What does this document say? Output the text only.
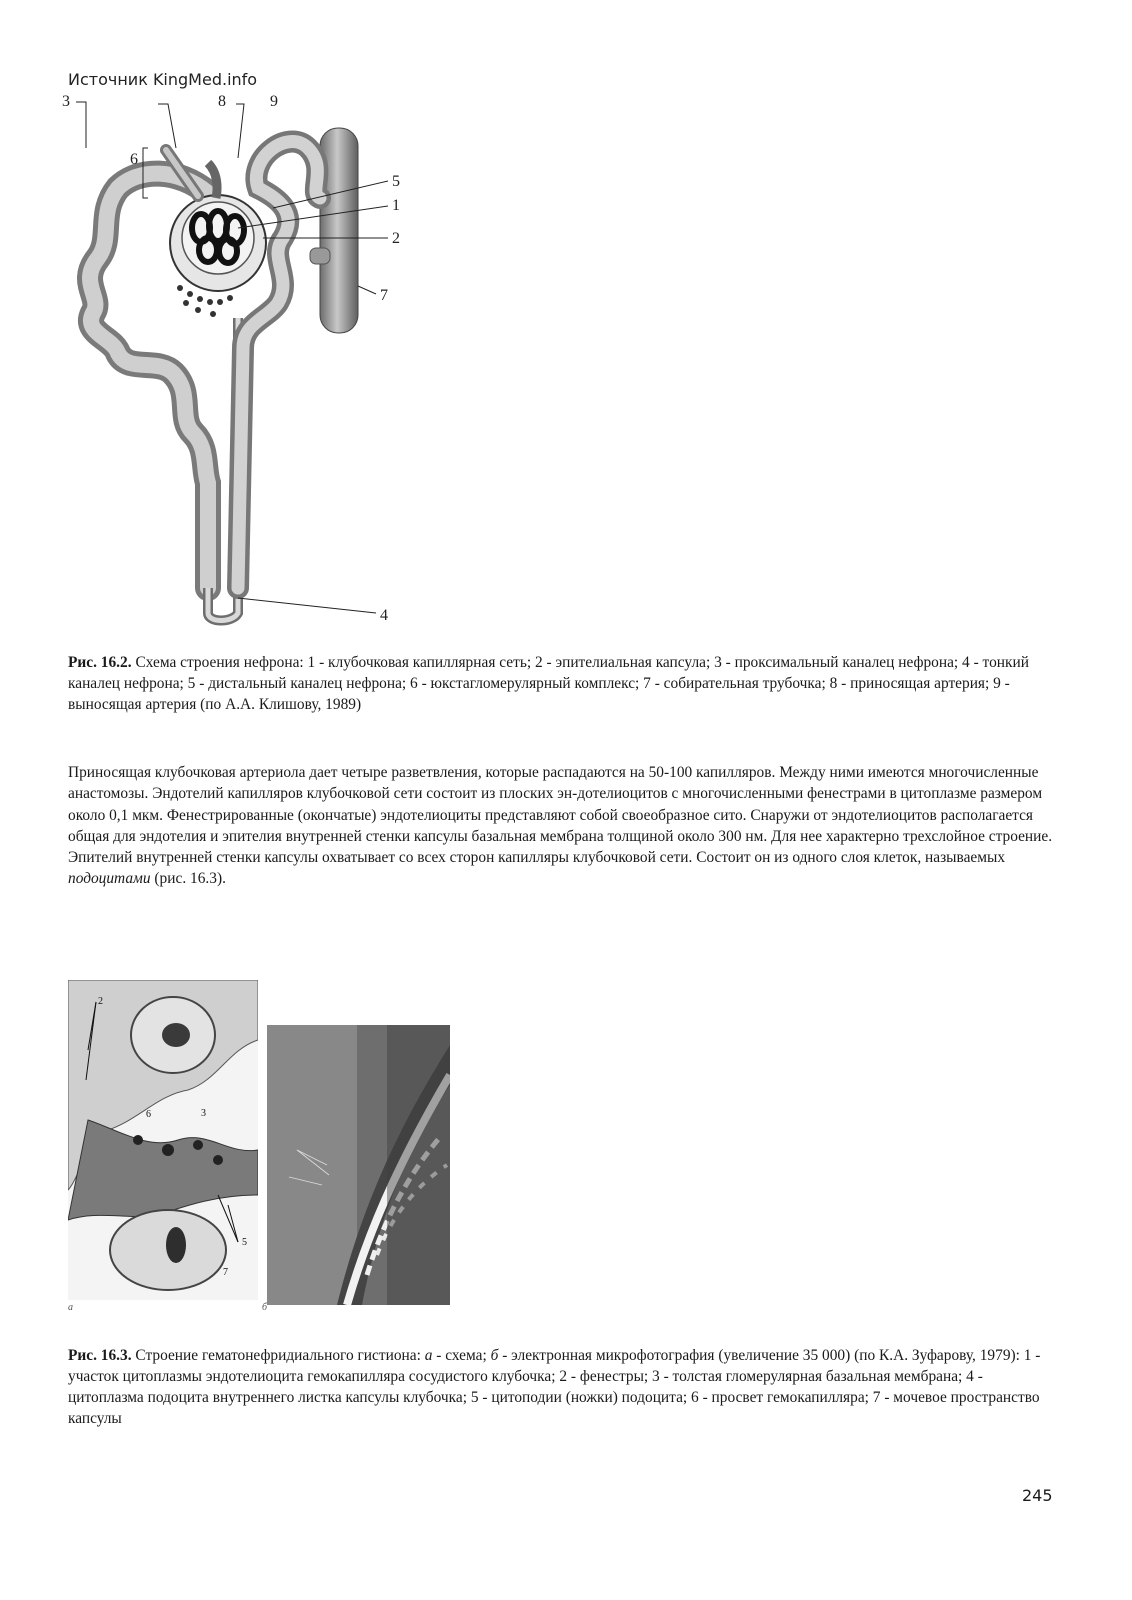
Источник KingMed.info
3	8	9
6
5
1
2
7
4
Рис. 16.2. Схема строения нефрона: 1 - клубочковая капиллярная сеть; 2 - эпителиальная капсула; 3 - проксимальный каналец нефрона; 4 - тонкий каналец нефрона; 5 - дистальный каналец нефрона; 6 - юкстагломерулярный комплекс; 7 - собирательная трубочка; 8 - приносящая артерия; 9 - выносящая артерия (по А.А. Клишову, 1989)
Приносящая клубочковая артериола дает четыре разветвления, которые распадаются на 50-100 капилляров. Между ними имеются многочисленные анастомозы. Эндотелий капилляров клубочковой сети состоит из плоских эн-дотелиоцитов с многочисленными фенестрами в цитоплазме размером около 0,1 мкм. Фенестрированные (окончатые) эндотелиоциты представляют собой своеобразное сито. Снаружи от эндотелиоцитов располагается общая для эндотелия и эпителия внутренней стенки капсулы базальная мембрана толщиной около 300 нм. Для нее характерно трехслойное строение. Эпителий внутренней стенки капсулы охватывает со всех сторон капилляры клубочковой сети. Состоит он из одного слоя клеток, называемых подоцитами (рис. 16.3).
2
6	3
5
7
а	б
Рис. 16.3. Строение гематонефридиального гистиона: а - схема; б - электронная микрофотография (увеличение 35 000) (по К.А. Зуфарову, 1979): 1 - участок цитоплазмы эндотелиоцита гемокапилляра сосудистого клубочка; 2 - фенестры; 3 - толстая гломерулярная базальная мембрана; 4 - цитоплазма подоцита внутреннего листка капсулы клубочка; 5 - цитоподии (ножки) подоцита; 6 - просвет гемокапилляра; 7 - мочевое пространство капсулы
245
